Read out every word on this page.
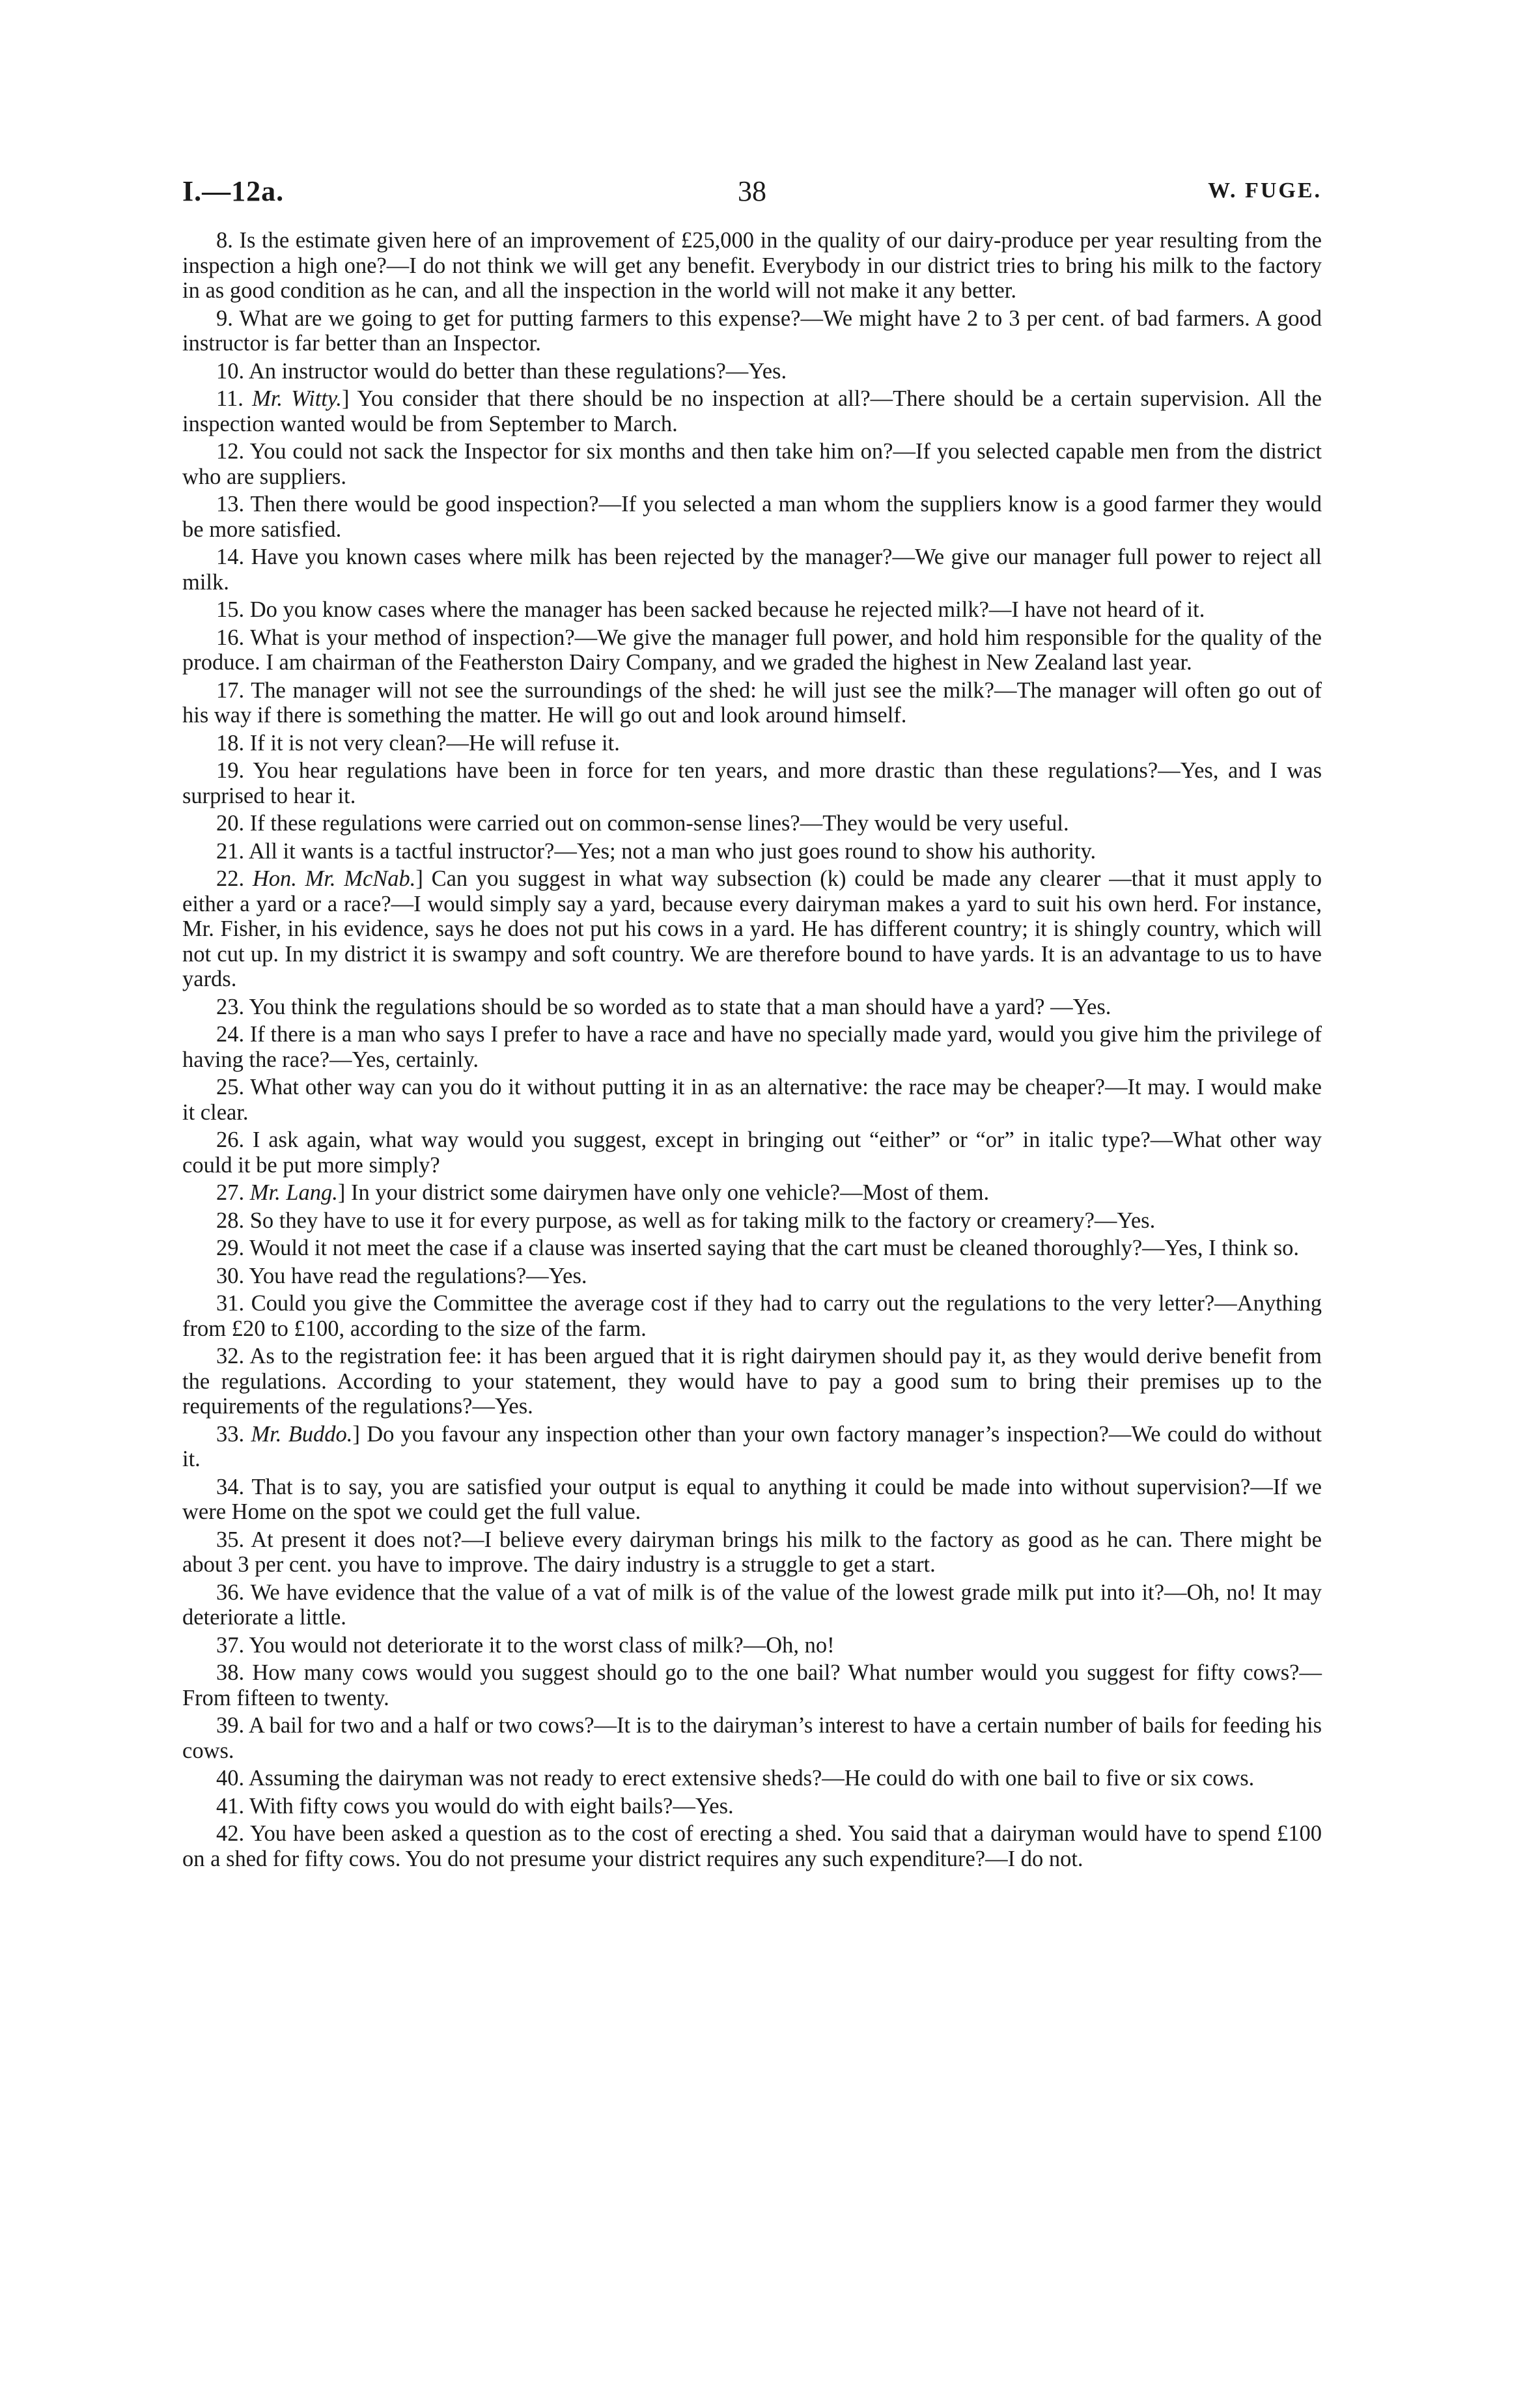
I.—12a.	38	W. FUGE.

8. Is the estimate given here of an improvement of £25,000 in the quality of our dairy-produce per year resulting from the inspection a high one?—I do not think we will get any benefit. Everybody in our district tries to bring his milk to the factory in as good condition as he can, and all the inspection in the world will not make it any better.

9. What are we going to get for putting farmers to this expense?—We might have 2 to 3 per cent. of bad farmers. A good instructor is far better than an Inspector.

10. An instructor would do better than these regulations?—Yes.

11. Mr. Witty.] You consider that there should be no inspection at all?—There should be a certain supervision. All the inspection wanted would be from September to March.

12. You could not sack the Inspector for six months and then take him on?—If you selected capable men from the district who are suppliers.

13. Then there would be good inspection?—If you selected a man whom the suppliers know is a good farmer they would be more satisfied.

14. Have you known cases where milk has been rejected by the manager?—We give our manager full power to reject all milk.

15. Do you know cases where the manager has been sacked because he rejected milk?—I have not heard of it.

16. What is your method of inspection?—We give the manager full power, and hold him responsible for the quality of the produce. I am chairman of the Featherston Dairy Company, and we graded the highest in New Zealand last year.

17. The manager will not see the surroundings of the shed: he will just see the milk?—The manager will often go out of his way if there is something the matter. He will go out and look around himself.

18. If it is not very clean?—He will refuse it.

19. You hear regulations have been in force for ten years, and more drastic than these regulations?—Yes, and I was surprised to hear it.

20. If these regulations were carried out on common-sense lines?—They would be very useful.

21. All it wants is a tactful instructor?—Yes; not a man who just goes round to show his authority.

22. Hon. Mr. McNab.] Can you suggest in what way subsection (k) could be made any clearer —that it must apply to either a yard or a race?—I would simply say a yard, because every dairyman makes a yard to suit his own herd. For instance, Mr. Fisher, in his evidence, says he does not put his cows in a yard. He has different country; it is shingly country, which will not cut up. In my district it is swampy and soft country. We are therefore bound to have yards. It is an advantage to us to have yards.

23. You think the regulations should be so worded as to state that a man should have a yard? —Yes.

24. If there is a man who says I prefer to have a race and have no specially made yard, would you give him the privilege of having the race?—Yes, certainly.

25. What other way can you do it without putting it in as an alternative: the race may be cheaper?—It may. I would make it clear.

26. I ask again, what way would you suggest, except in bringing out “either” or “or” in italic type?—What other way could it be put more simply?

27. Mr. Lang.] In your district some dairymen have only one vehicle?—Most of them.

28. So they have to use it for every purpose, as well as for taking milk to the factory or creamery?—Yes.

29. Would it not meet the case if a clause was inserted saying that the cart must be cleaned thoroughly?—Yes, I think so.

30. You have read the regulations?—Yes.

31. Could you give the Committee the average cost if they had to carry out the regulations to the very letter?—Anything from £20 to £100, according to the size of the farm.

32. As to the registration fee: it has been argued that it is right dairymen should pay it, as they would derive benefit from the regulations. According to your statement, they would have to pay a good sum to bring their premises up to the requirements of the regulations?—Yes.

33. Mr. Buddo.] Do you favour any inspection other than your own factory manager’s inspection?—We could do without it.

34. That is to say, you are satisfied your output is equal to anything it could be made into without supervision?—If we were Home on the spot we could get the full value.

35. At present it does not?—I believe every dairyman brings his milk to the factory as good as he can. There might be about 3 per cent. you have to improve. The dairy industry is a struggle to get a start.

36. We have evidence that the value of a vat of milk is of the value of the lowest grade milk put into it?—Oh, no! It may deteriorate a little.

37. You would not deteriorate it to the worst class of milk?—Oh, no!

38. How many cows would you suggest should go to the one bail? What number would you suggest for fifty cows?—From fifteen to twenty.

39. A bail for two and a half or two cows?—It is to the dairyman’s interest to have a certain number of bails for feeding his cows.

40. Assuming the dairyman was not ready to erect extensive sheds?—He could do with one bail to five or six cows.

41. With fifty cows you would do with eight bails?—Yes.

42. You have been asked a question as to the cost of erecting a shed. You said that a dairyman would have to spend £100 on a shed for fifty cows. You do not presume your district requires any such expenditure?—I do not.
